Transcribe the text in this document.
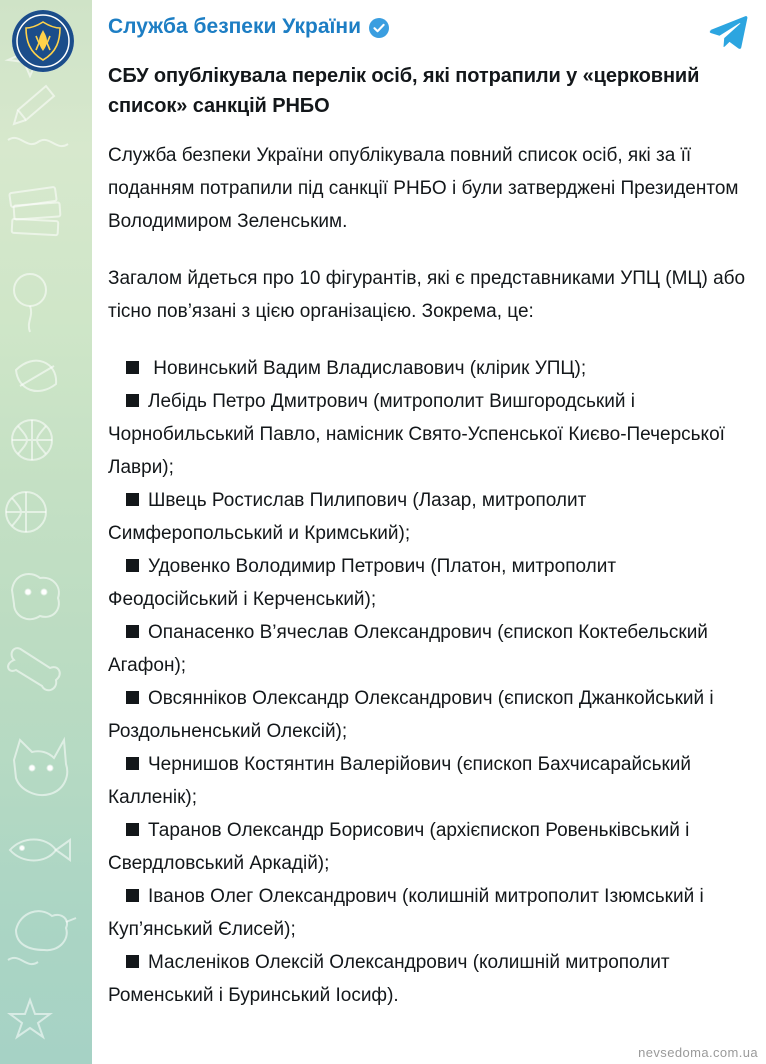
Служба безпеки України
СБУ опублікувала перелік осіб, які потрапили у «церковний список» санкцій РНБО

Служба безпеки України опублікувала повний список осіб, які за її поданням потрапили під санкції РНБО і були затверджені Президентом Володимиром Зеленським.

Загалом йдеться про 10 фігурантів, які є представниками УПЦ (МЦ) або тісно пов’язані з цією організацією. Зокрема, це:

Новинський Вадим Владиславович (клірик УПЦ);
Лебідь Петро Дмитрович (митрополит Вишгородський і Чорнобильський Павло, намісник Свято-Успенської Києво-Печерської Лаври);
Швець Ростислав Пилипович (Лазар, митрополит Симферопольський и Кримський);
Удовенко Володимир Петрович (Платон, митрополит Феодосійський і Керченський);
Опанасенко В’ячеслав Олександрович (єпископ Коктебельский Агафон);
Овсянніков Олександр Олександрович (єпископ Джанкойський і Роздольненський Олексій);
Чернишов Костянтин Валерійович (єпископ Бахчисарайський Калленік);
Таранов Олександр Борисович (архієпископ Ровеньківський і Свердловський Аркадій);
Іванов Олег Олександрович (колишній митрополит Ізюмський і Куп’янський Єлисей);
Масленіков Олексій Олександрович (колишній митрополит Роменський і Буринський Іосиф).
nevsedoma.com.ua
